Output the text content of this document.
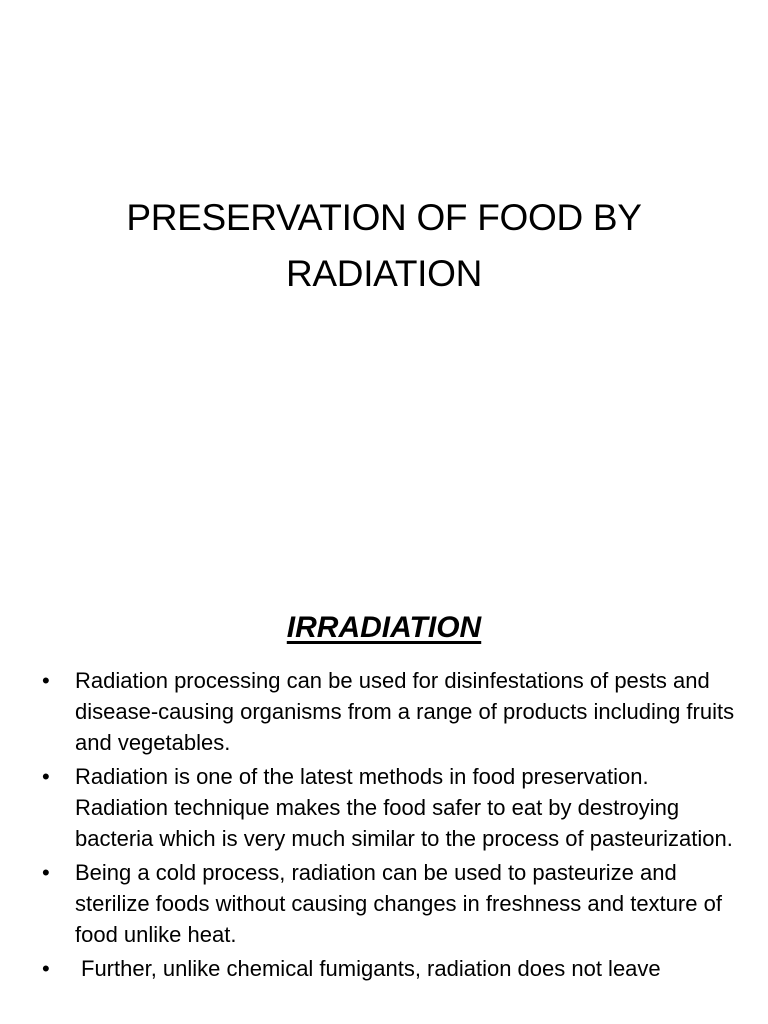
PRESERVATION OF FOOD BY
RADIATION
IRRADIATION
• Radiation processing can be used for disinfestations of pests and disease-causing organisms from a range of products including fruits and vegetables.
• Radiation is one of the latest methods in food preservation. Radiation technique makes the food safer to eat by destroying bacteria which is very much similar to the process of pasteurization.
• Being a cold process, radiation can be used to pasteurize and sterilize foods without causing changes in freshness and texture of food unlike heat.
• Further, unlike chemical fumigants, radiation does not leave
